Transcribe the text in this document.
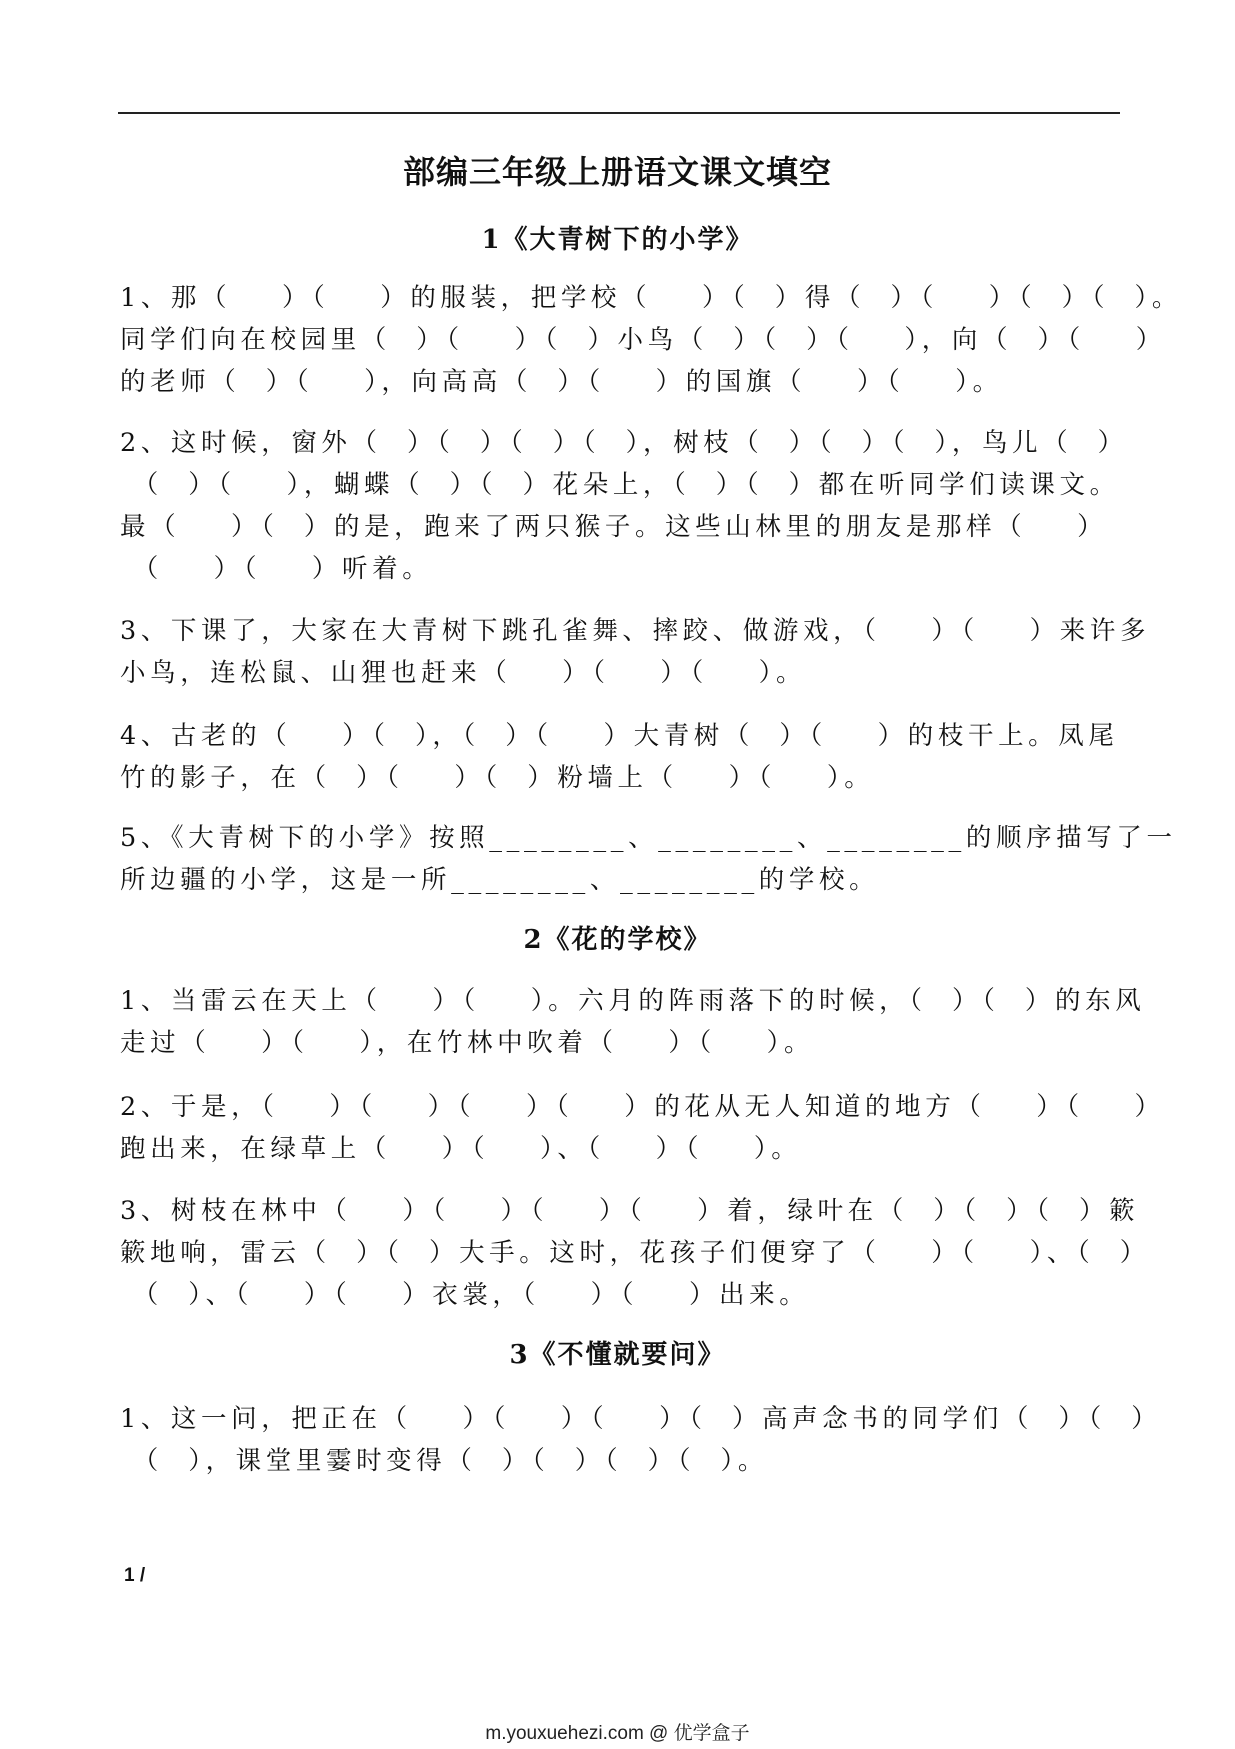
部编三年级上册语文课文填空
1《大青树下的小学》
1、那（    ）（    ）的服装，把学校（    ）（  ）得（  ）（    ）（  ）（  ）。
同学们向在校园里（  ）（    ）（  ）小鸟（  ）（  ）（    ），向（  ）（    ）
的老师（  ）（    ），向高高（  ）（    ）的国旗（    ）（    ）。
2、这时候，窗外（  ）（  ）（  ）（  ），树枝（  ）（  ）（  ），鸟儿（  ）
（  ）（    ），蝴蝶（  ）（  ）花朵上，（  ）（  ）都在听同学们读课文。
最（    ）（  ）的是，跑来了两只猴子。这些山林里的朋友是那样（    ）
（    ）（    ）听着。
3、下课了，大家在大青树下跳孔雀舞、摔跤、做游戏，（    ）（    ）来许多
小鸟，连松鼠、山狸也赶来（    ）（    ）（    ）。
4、古老的（    ）（  ），（  ）（    ）大青树（  ）（    ）的枝干上。凤尾
竹的影子，在（  ）（    ）（  ）粉墙上（    ）（    ）。
5、《大青树下的小学》按照________、________、________的顺序描写了一
所边疆的小学，这是一所________、________的学校。
2《花的学校》
1、当雷云在天上（    ）（    ）。六月的阵雨落下的时候，（  ）（  ）的东风
走过（    ）（    ），在竹林中吹着（    ）（    ）。
2、于是，（    ）（    ）（    ）（    ）的花从无人知道的地方（    ）（    ）
跑出来，在绿草上（    ）（    ）、（    ）（    ）。
3、树枝在林中（    ）（    ）（    ）（    ）着，绿叶在（  ）（  ）（  ）簌
簌地响，雷云（  ）（  ）大手。这时，花孩子们便穿了（    ）（    ）、（  ）
（  ）、（    ）（    ）衣裳，（    ）（    ）出来。
3《不懂就要问》
1、这一问，把正在（    ）（    ）（    ）（  ）高声念书的同学们（  ）（  ）
（  ），课堂里霎时变得（  ）（  ）（  ）（  ）。
1 /
m.youxuehezi.com @ 优学盒子
